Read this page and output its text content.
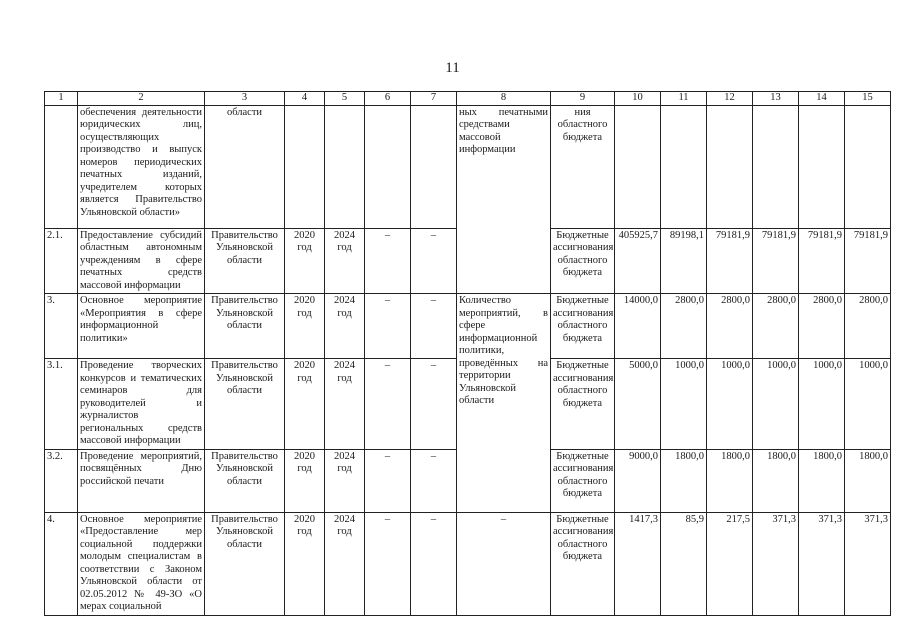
11
1	2	3	4	5	6	7	8	9	10	11	12	13	14	15
	обеспечения деятельности юридических лиц, осуществляющих производство и выпуск номеров периодических печатных изданий, учредителем которых является Правительство Ульяновской области»	области					ных печатными средствами массовой информации	ния областного бюджета						
2.1.	Предоставление субсидий областным автономным учреждениям в сфере печатных средств массовой информации	Правительство Ульяновской области	2020 год	2024 год	–	–		Бюджетные ассигнования областного бюджета	405925,7	89198,1	79181,9	79181,9	79181,9	79181,9
3.	Основное мероприятие «Мероприятия в сфере информационной политики»	Правительство Ульяновской области	2020 год	2024 год	–	–	Количество мероприятий, в сфере информационной политики, проведённых на территории Ульяновской области	Бюджетные ассигнования областного бюджета	14000,0	2800,0	2800,0	2800,0	2800,0	2800,0
3.1.	Проведение творческих конкурсов и тематических семинаров для руководителей и журналистов региональных средств массовой информации	Правительство Ульяновской области	2020 год	2024 год	–	–		Бюджетные ассигнования областного бюджета	5000,0	1000,0	1000,0	1000,0	1000,0	1000,0
3.2.	Проведение мероприятий, посвящённых Дню российской печати	Правительство Ульяновской области	2020 год	2024 год	–	–		Бюджетные ассигнования областного бюджета	9000,0	1800,0	1800,0	1800,0	1800,0	1800,0
4.	Основное мероприятие «Предоставление мер социальной поддержки молодым специалистам в соответствии с Законом Ульяновской области от 02.05.2012 № 49-ЗО «О мерах социальной	Правительство Ульяновской области	2020 год	2024 год	–	–	–	Бюджетные ассигнования областного бюджета	1417,3	85,9	217,5	371,3	371,3	371,3
